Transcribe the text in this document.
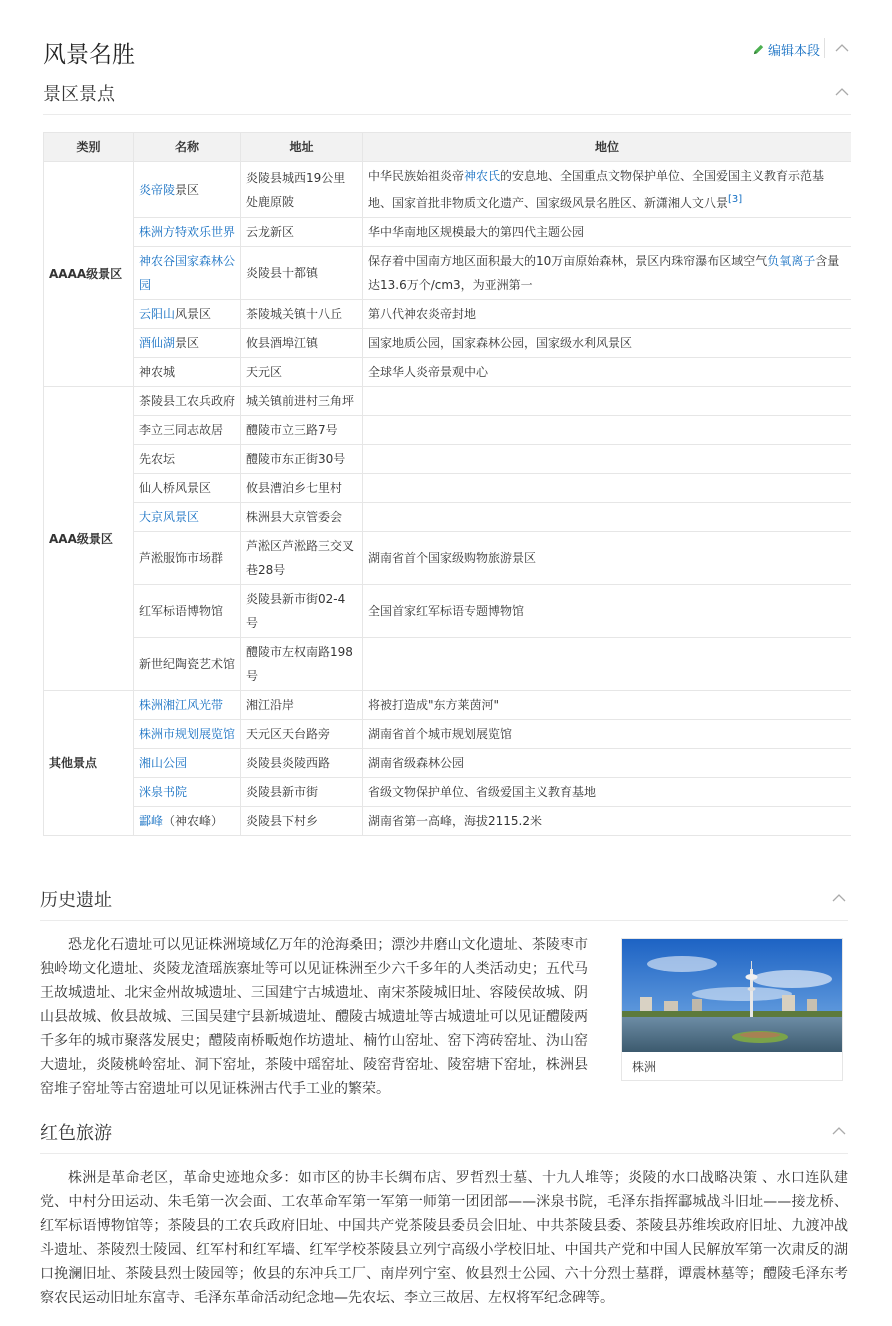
风景名胜	编辑本段
景区景点
类别	名称	地址	地位
AAAA级景区	炎帝陵景区	炎陵县城西19公里处鹿原陂	中华民族始祖炎帝神农氏的安息地、全国重点文物保护单位、全国爱国主义教育示范基地、国家首批非物质文化遗产、国家级风景名胜区、新潇湘人文八景[3]
	株洲方特欢乐世界	云龙新区	华中华南地区规模最大的第四代主题公园
	神农谷国家森林公园	炎陵县十都镇	保存着中国南方地区面积最大的10万亩原始森林，景区内珠帘瀑布区域空气负氧离子含量达13.6万个/cm3，为亚洲第一
	云阳山风景区	茶陵城关镇十八丘	第八代神农炎帝封地
	酒仙湖景区	攸县酒埠江镇	国家地质公园，国家森林公园，国家级水利风景区
	神农城	天元区	全球华人炎帝景观中心
AAA级景区	茶陵县工农兵政府	城关镇前进村三角坪	
	李立三同志故居	醴陵市立三路7号	
	先农坛	醴陵市东正街30号	
	仙人桥风景区	攸县漕泊乡七里村	
	大京风景区	株洲县大京管委会	
	芦淞服饰市场群	芦淞区芦淞路三交叉巷28号	湖南省首个国家级购物旅游景区
	红军标语博物馆	炎陵县新市街02-4号	全国首家红军标语专题博物馆
	新世纪陶瓷艺术馆	醴陵市左权南路198号	
其他景点	株洲湘江风光带	湘江沿岸	将被打造成"东方莱茵河"
	株洲市规划展览馆	天元区天台路旁	湖南省首个城市规划展览馆
	湘山公园	炎陵县炎陵西路	湖南省级森林公园
	洣泉书院	炎陵县新市街	省级文物保护单位、省级爱国主义教育基地
	酃峰（神农峰）	炎陵县下村乡	湖南省第一高峰，海拔2115.2米
历史遗址
恐龙化石遗址可以见证株洲境域亿万年的沧海桑田；漂沙井磨山文化遗址、茶陵枣市独岭坳文化遗址、炎陵龙渣瑶族寨址等可以见证株洲至少六千多年的人类活动史；五代马王故城遗址、北宋金州故城遗址、三国建宁古城遗址、南宋茶陵城旧址、容陵侯故城、阴山县故城、攸县故城、三国吴建宁县新城遗址、醴陵古城遗址等古城遗址可以见证醴陵两千多年的城市聚落发展史；醴陵南桥畈炮作坊遗址、楠竹山窑址、窑下湾砖窑址、沩山窑大遗址，炎陵桃岭窑址、洞下窑址，茶陵中瑶窑址、陵窑背窑址、陵窑塘下窑址，株洲县窑堆子窑址等古窑遗址可以见证株洲古代手工业的繁荣。
株洲
红色旅游
株洲是革命老区，革命史迹地众多：如市区的协丰长绸布店、罗哲烈士墓、十九人堆等；炎陵的水口战略决策 、水口连队建党、中村分田运动、朱毛第一次会面、工农革命军第一军第一师第一团团部——洣泉书院，毛泽东指挥酃城战斗旧址——接龙桥、红军标语博物馆等；茶陵县的工农兵政府旧址、中国共产党茶陵县委员会旧址、中共茶陵县委、茶陵县苏维埃政府旧址、九渡冲战斗遗址、茶陵烈士陵园、红军村和红军墙、红军学校茶陵县立列宁高级小学校旧址、中国共产党和中国人民解放军第一次肃反的湖口挽澜旧址、茶陵县烈士陵园等；攸县的东冲兵工厂、南岸列宁室、攸县烈士公园、六十分烈士墓群，谭震林墓等；醴陵毛泽东考察农民运动旧址东富寺、毛泽东革命活动纪念地—先农坛、李立三故居、左权将军纪念碑等。
